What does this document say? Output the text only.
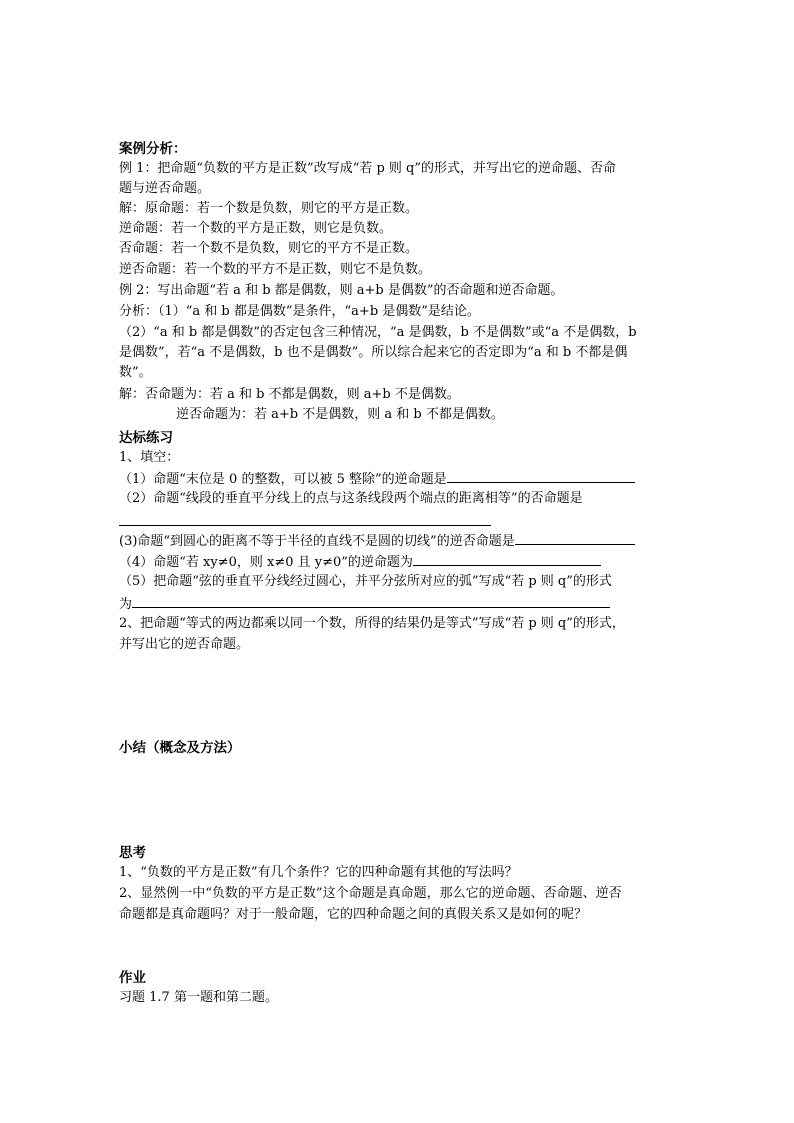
案例分析：
例 1：把命题“负数的平方是正数”改写成“若 p 则 q”的形式，并写出它的逆命题、否命
题与逆否命题。
解：原命题：若一个数是负数，则它的平方是正数。
逆命题：若一个数的平方是正数，则它是负数。
否命题：若一个数不是负数，则它的平方不是正数。
逆否命题：若一个数的平方不是正数，则它不是负数。
例 2：写出命题“若 a 和 b 都是偶数，则 a+b 是偶数”的否命题和逆否命题。
分析：（1）“a 和 b 都是偶数”是条件，“a+b 是偶数”是结论。
（2）“a 和 b 都是偶数”的否定包含三种情况，“a 是偶数，b 不是偶数”或“a 不是偶数，b
是偶数”，若“a 不是偶数，b 也不是偶数”。所以综合起来它的否定即为“a 和 b 不都是偶
数”。
解：否命题为：若 a 和 b 不都是偶数，则 a+b 不是偶数。
逆否命题为：若 a+b 不是偶数，则 a 和 b 不都是偶数。
达标练习
1、填空：
（1）命题“末位是 0 的整数，可以被 5 整除”的逆命题是
（2）命题“线段的垂直平分线上的点与这条线段两个端点的距离相等”的否命题是
(3)命题“到圆心的距离不等于半径的直线不是圆的切线”的逆否命题是
（4）命题“若 xy≠0，则 x≠0 且 y≠0”的逆命题为
（5）把命题“弦的垂直平分线经过圆心，并平分弦所对应的弧”写成“若 p 则 q”的形式
为
2、把命题“等式的两边都乘以同一个数，所得的结果仍是等式”写成“若 p 则 q”的形式，
并写出它的逆否命题。
小结（概念及方法）
思考
1、“负数的平方是正数”有几个条件？它的四种命题有其他的写法吗？
2、显然例一中“负数的平方是正数”这个命题是真命题，那么它的逆命题、否命题、逆否
命题都是真命题吗？对于一般命题，它的四种命题之间的真假关系又是如何的呢？
作业
习题 1.7 第一题和第二题。
